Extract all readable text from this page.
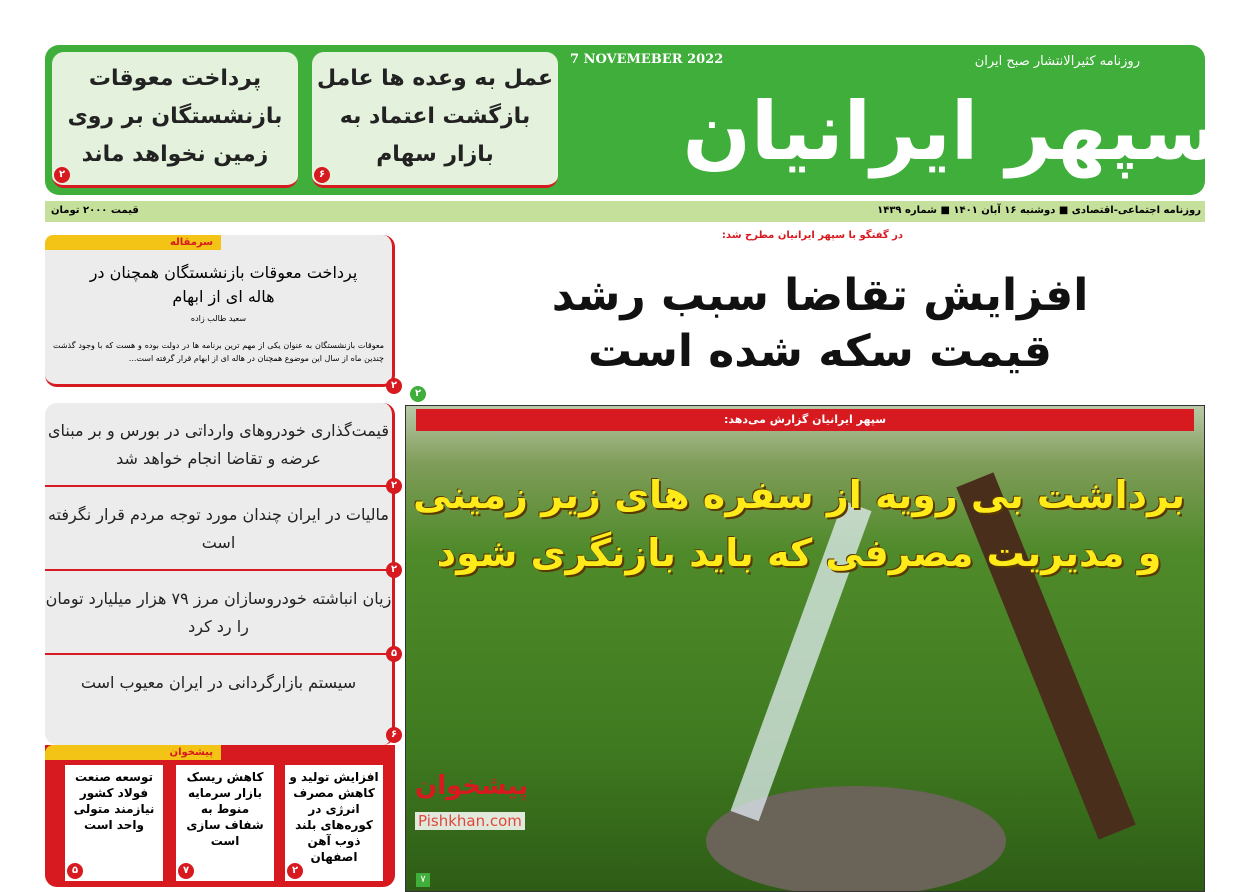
سپهر ایرانیان
روزنامه کثیرالانتشار صبح ایران
7 NOVEMEBER 2022
عمل به وعده ها عامل بازگشت اعتماد به بازار سهام
۶
پرداخت معوقات بازنشستگان بر روی زمین نخواهد ماند
۲
روزنامه اجتماعی-اقتصادی ■ دوشنبه ۱۶ آبان ۱۴۰۱ ■ شماره ۱۴۳۹
قیمت ۲۰۰۰ تومان
سرمقاله
پرداخت معوقات بازنشستگان همچنان در هاله ای از ابهام
سعید طالب زاده
معوقات بازنشستگان به عنوان یکی از مهم ترین برنامه ها در دولت بوده و هست که با وجود گذشت چندین ماه از سال این موضوع همچنان در هاله ای از ابهام قرار گرفته است...
۲
قیمت‌گذاری خودروهای وارداتی در بورس و بر مبنای عرضه و تقاضا انجام خواهد شد
۲
مالیات در ایران چندان مورد توجه مردم قرار نگرفته است
۲
زیان انباشته خودروسازان مرز ۷۹ هزار میلیارد تومان را رد کرد
۵
سیستم بازارگردانی در ایران معیوب است
۶
پیشخوان
افزایش تولید و کاهش مصرف انرژی در کوره‌های بلند ذوب آهن اصفهان
۲
کاهش ریسک بازار سرمایه منوط به شفاف سازی است
۷
توسعه صنعت فولاد کشور نیازمند متولی واحد است
۵
در گفتگو با سپهر ایرانیان مطرح شد:
افزایش تقاضا سبب رشد قیمت سکه شده است
۲
سپهر ایرانیان گزارش می‌دهد:
برداشت بی رویه از سفره های زیر زمینی و مدیریت مصرفی که باید بازنگری شود
۷
پیشخوان
Pishkhan.com
